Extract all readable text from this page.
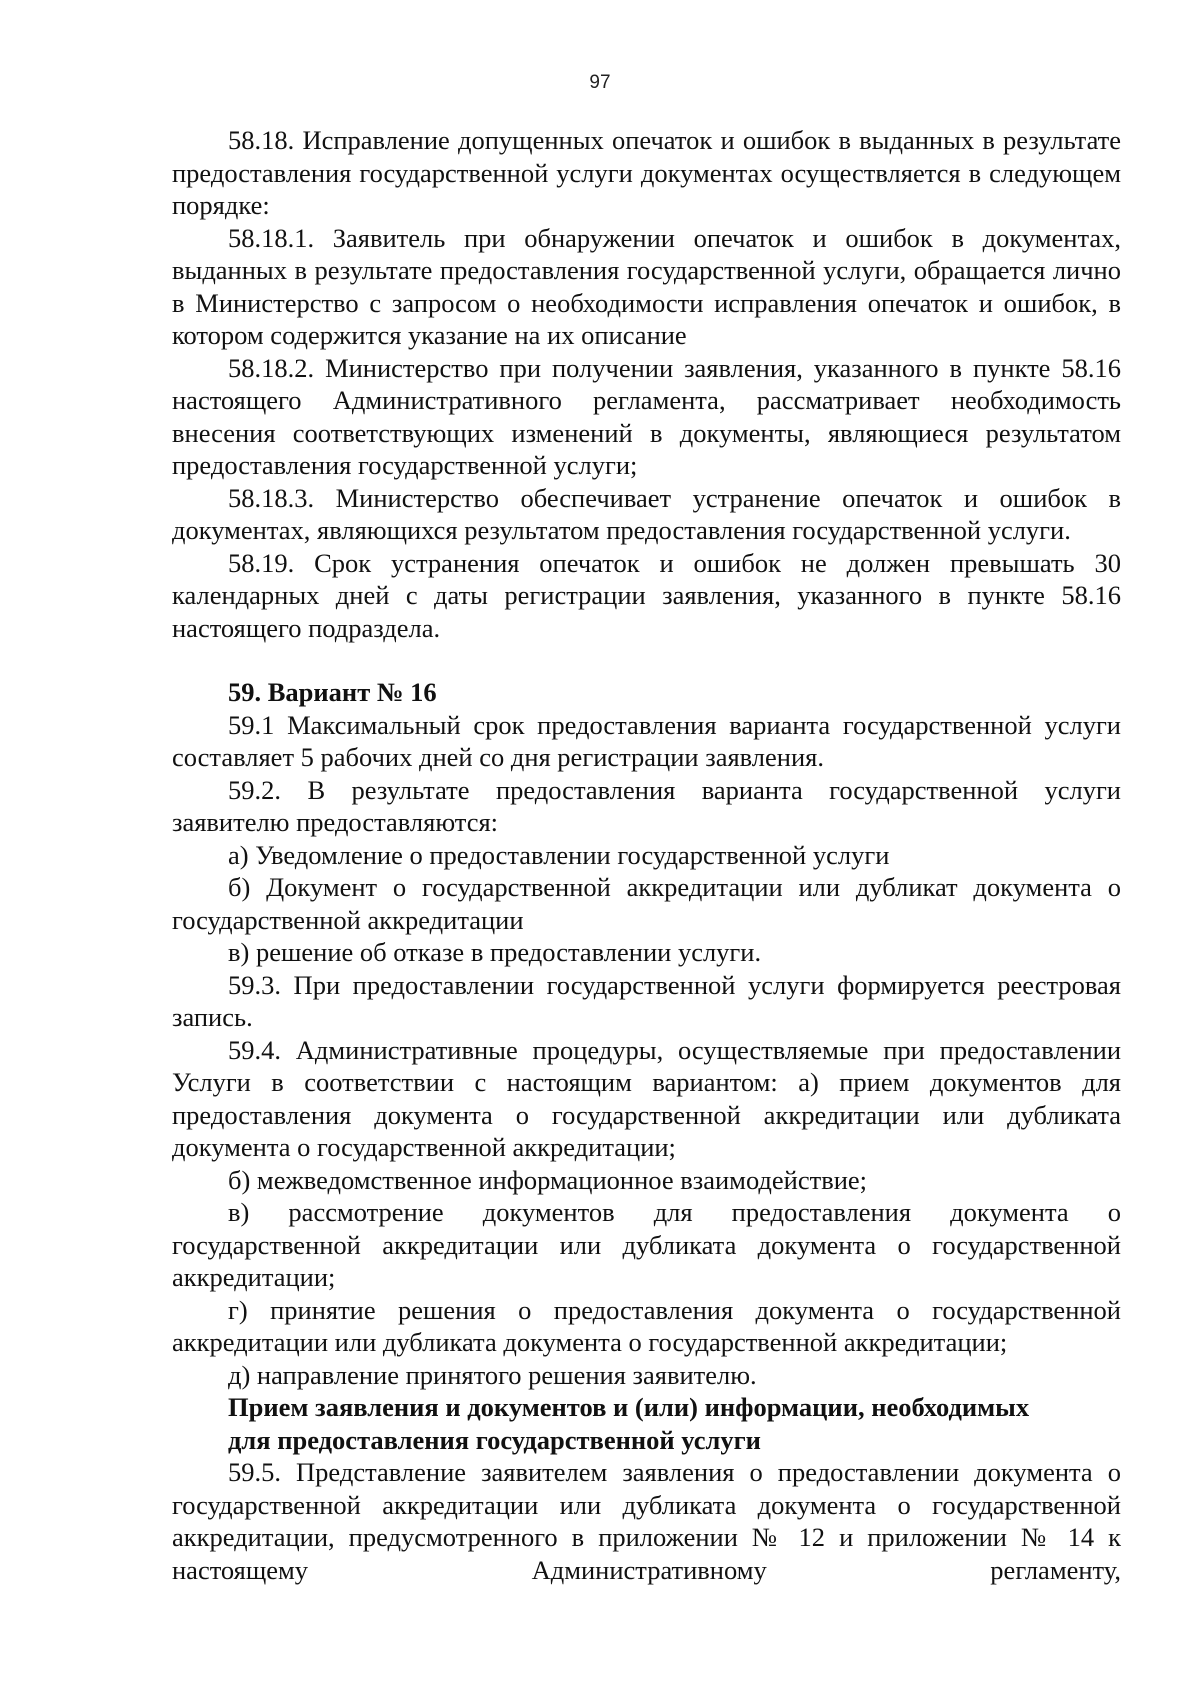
97

58.18. Исправление допущенных опечаток и ошибок в выданных в результате предоставления государственной услуги документах осуществляется в следующем порядке:

58.18.1. Заявитель при обнаружении опечаток и ошибок в документах, выданных в результате предоставления государственной услуги, обращается лично в Министерство с запросом о необходимости исправления опечаток и ошибок, в котором содержится указание на их описание

58.18.2. Министерство при получении заявления, указанного в пункте 58.16 настоящего Административного регламента, рассматривает необходимость внесения соответствующих изменений в документы, являющиеся результатом предоставления государственной услуги;

58.18.3. Министерство обеспечивает устранение опечаток и ошибок в документах, являющихся результатом предоставления государственной услуги.

58.19. Срок устранения опечаток и ошибок не должен превышать 30 календарных дней с даты регистрации заявления, указанного в пункте 58.16 настоящего подраздела.

59. Вариант № 16

59.1 Максимальный срок предоставления варианта государственной услуги составляет 5 рабочих дней со дня регистрации заявления.

59.2. В результате предоставления варианта государственной услуги заявителю предоставляются:

а) Уведомление о предоставлении государственной услуги

б) Документ о государственной аккредитации или дубликат документа о государственной аккредитации

в) решение об отказе в предоставлении услуги.

59.3. При предоставлении государственной услуги формируется реестровая запись.

59.4. Административные процедуры, осуществляемые при предоставлении Услуги в соответствии с настоящим вариантом: а) прием документов для предоставления документа о государственной аккредитации или дубликата документа о государственной аккредитации;

б) межведомственное информационное взаимодействие;

в) рассмотрение документов для предоставления документа о государственной аккредитации или дубликата документа о государственной аккредитации;

г) принятие решения о предоставления документа о государственной аккредитации или дубликата документа о государственной аккредитации;

д) направление принятого решения заявителю.

Прием заявления и документов и (или) информации, необходимых
для предоставления государственной услуги

59.5. Представление заявителем заявления о предоставлении документа о государственной аккредитации или дубликата документа о государственной аккредитации, предусмотренного в приложении № 12 и приложении № 14 к настоящему Административному регламенту,
